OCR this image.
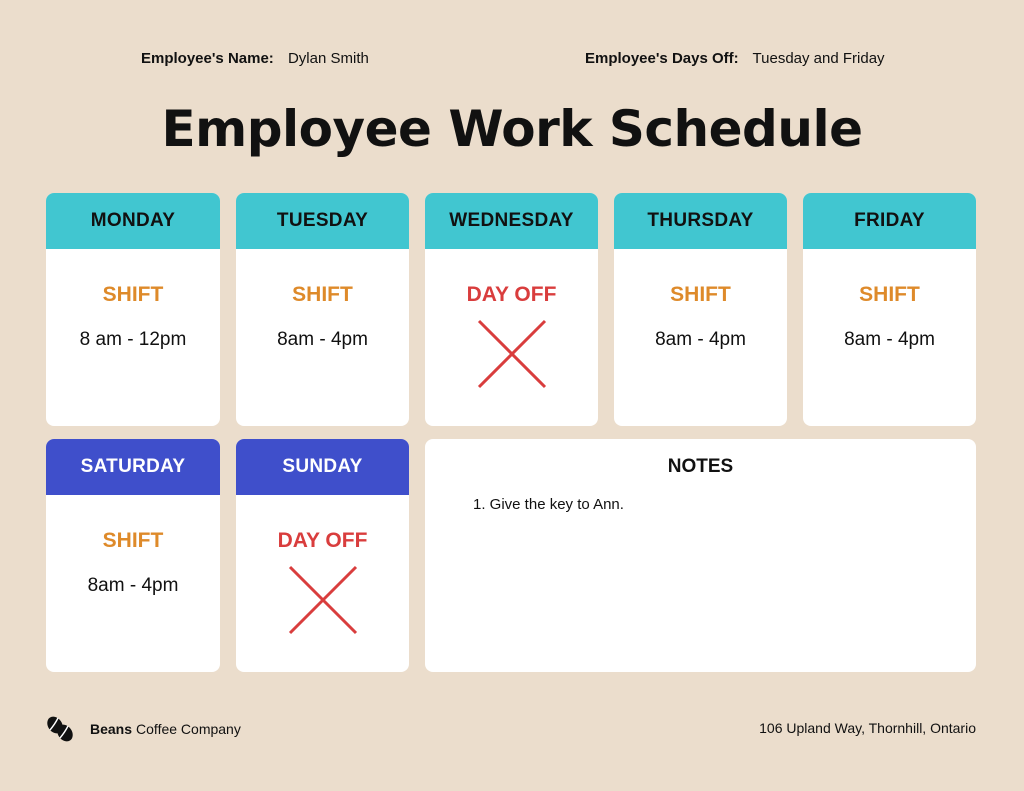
Employee's Name: Dylan Smith	Employee's Days Off: Tuesday and Friday
Employee Work Schedule
MONDAY
SHIFT
8 am - 12pm
TUESDAY
SHIFT
8am - 4pm
WEDNESDAY
DAY OFF
THURSDAY
SHIFT
8am - 4pm
FRIDAY
SHIFT
8am - 4pm
SATURDAY
SHIFT
8am - 4pm
SUNDAY
DAY OFF
NOTES
1. Give the key to Ann.
Beans Coffee Company	106 Upland Way, Thornhill, Ontario
